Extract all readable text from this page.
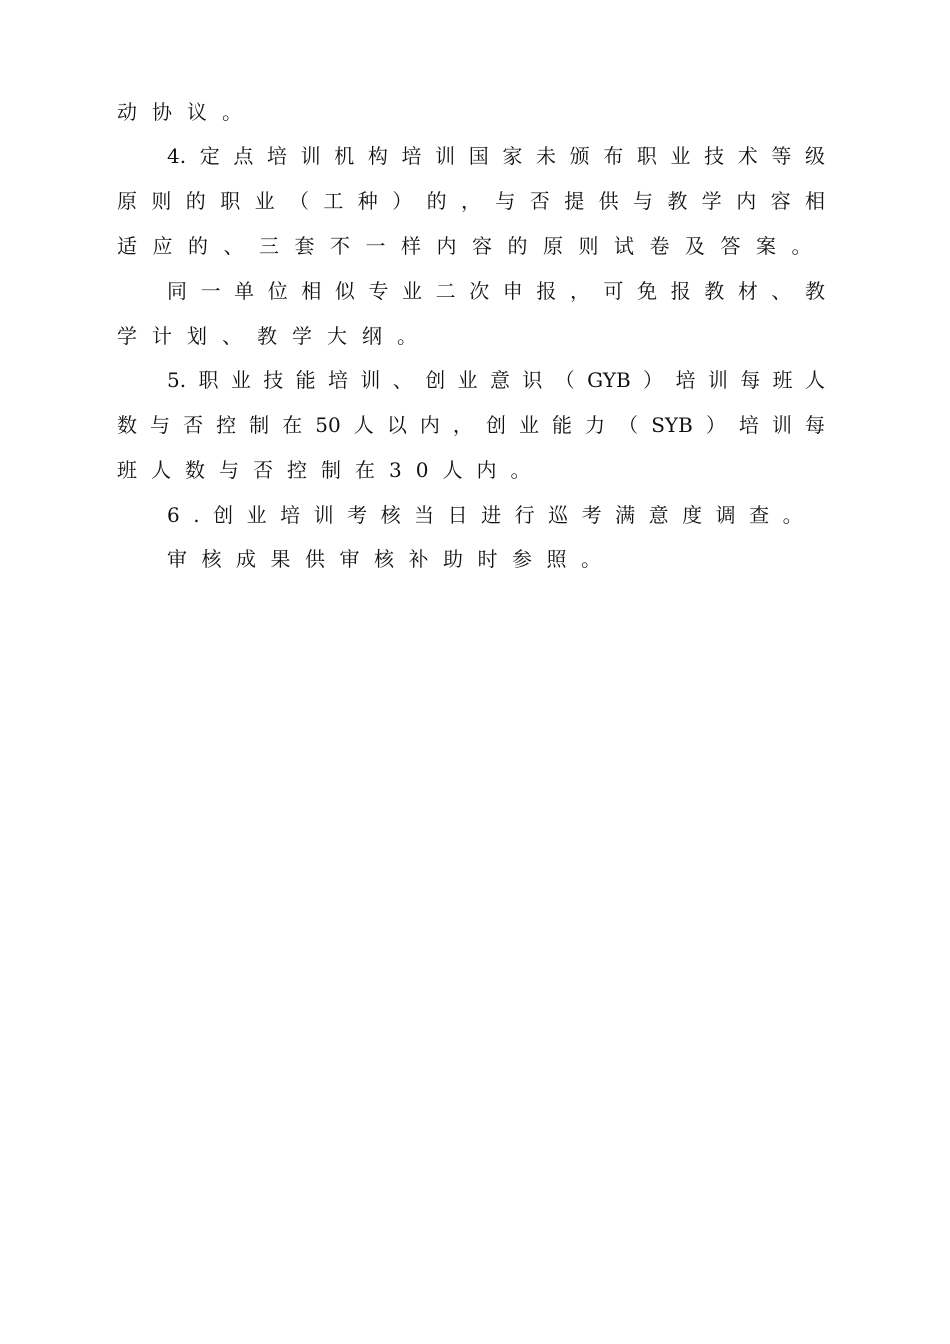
动协议。
4.定点培训机构培训国家未颁布职业技术等级
原则的职业（工种）的，与否提供与教学内容相
适应的、三套不一样内容的原则试卷及答案。
同一单位相似专业二次申报，可免报教材、教
学计划、教学大纲。
5.职业技能培训、创业意识（GYB）培训每班人
数与否控制在50人以内，创业能力（SYB）培训每
班人数与否控制在30人内。
6.创业培训考核当日进行巡考满意度调查。
审核成果供审核补助时参照。
